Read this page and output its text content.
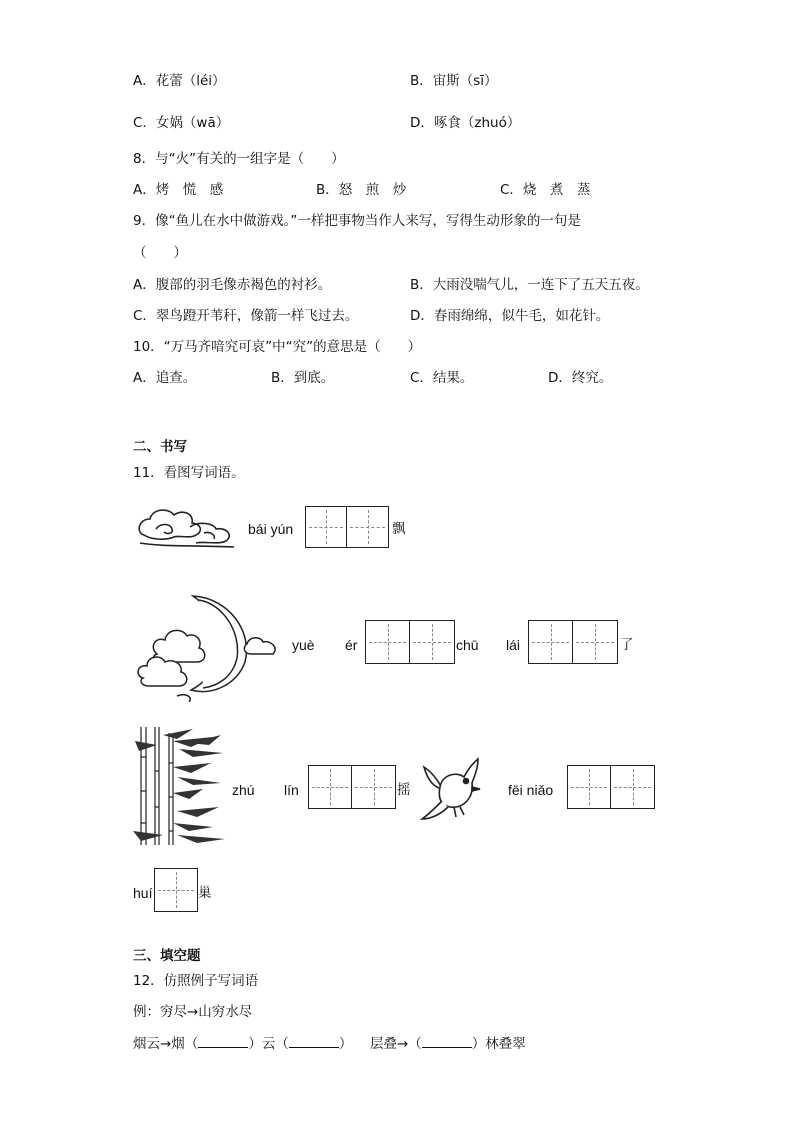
A．花蕾（léi）	B．宙斯（sī）
C．女娲（wā）	D．啄食（zhuó）
8．与“火”有关的一组字是（　　）
A．烤　慌　感	B．怒　煎　炒	C．烧　煮　蒸
9．像“鱼儿在水中做游戏。”一样把事物当作人来写，写得生动形象的一句是
（　　）
A．腹部的羽毛像赤褐色的衬衫。	B．大雨没喘气儿，一连下了五天五夜。
C．翠鸟蹬开苇秆，像箭一样飞过去。	D．春雨绵绵，似牛毛，如花针。
10．“万马齐喑究可哀”中“究”的意思是（　　）
A．追查。	B．到底。	C．结果。	D．终究。
二、书写
11．看图写词语。
bái yún	飘
yuè ér	chū lái	了
zhú lín	摇	fēi niǎo
huí	巢
三、填空题
12．仿照例子写词语
例：穷尽→山穷水尽
烟云→烟（	）云（	） 层叠→（	）林叠翠
